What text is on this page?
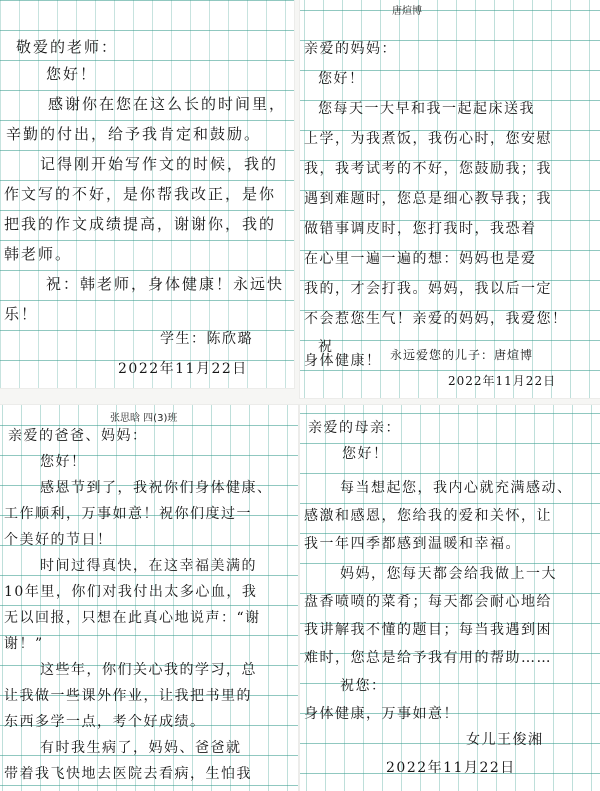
敬爱的老师：
您好！
感谢你在您在这么长的时间里，
辛勤的付出，给予我肯定和鼓励。
记得刚开始写作文的时候，我的
作文写的不好，是你帮我改正，是你
把我的作文成绩提高，谢谢你，我的
韩老师。
祝：韩老师，身体健康！永远快
乐！
学生：陈欣璐
2022年11月22日
唐煊博
亲爱的妈妈：
您好！
您每天一大早和我一起起床送我
上学，为我煮饭，我伤心时，您安慰
我，我考试考的不好，您鼓励我；我
遇到难题时，您总是细心教导我；我
做错事调皮时，您打我时，我恐着
在心里一遍一遍的想：妈妈也是爱
我的，才会打我。妈妈，我以后一定
不会惹您生气！亲爱的妈妈，我爱您！
祝
身体健康！ 永远爱您的儿子：唐煊博
2022年11月22日
张思晗 四(3)班
亲爱的爸爸、妈妈：
您好！
感恩节到了，我祝你们身体健康、
工作顺利，万事如意！祝你们度过一
个美好的节日！
时间过得真快，在这幸福美满的
10年里，你们对我付出太多心血，我
无以回报，只想在此真心地说声：“谢
谢！”
这些年，你们关心我的学习，总
让我做一些课外作业，让我把书里的
东西多学一点，考个好成绩。
有时我生病了，妈妈、爸爸就
带着我飞快地去医院去看病，生怕我
亲爱的母亲：
您好！
每当想起您，我内心就充满感动、
感激和感恩，您给我的爱和关怀，让
我一年四季都感到温暖和幸福。
妈妈，您每天都会给我做上一大
盘香喷喷的菜肴；每天都会耐心地给
我讲解我不懂的题目；每当我遇到困
难时，您总是给予我有用的帮助……
祝您：
身体健康，万事如意！
女儿王俊湘
2022年11月22日
